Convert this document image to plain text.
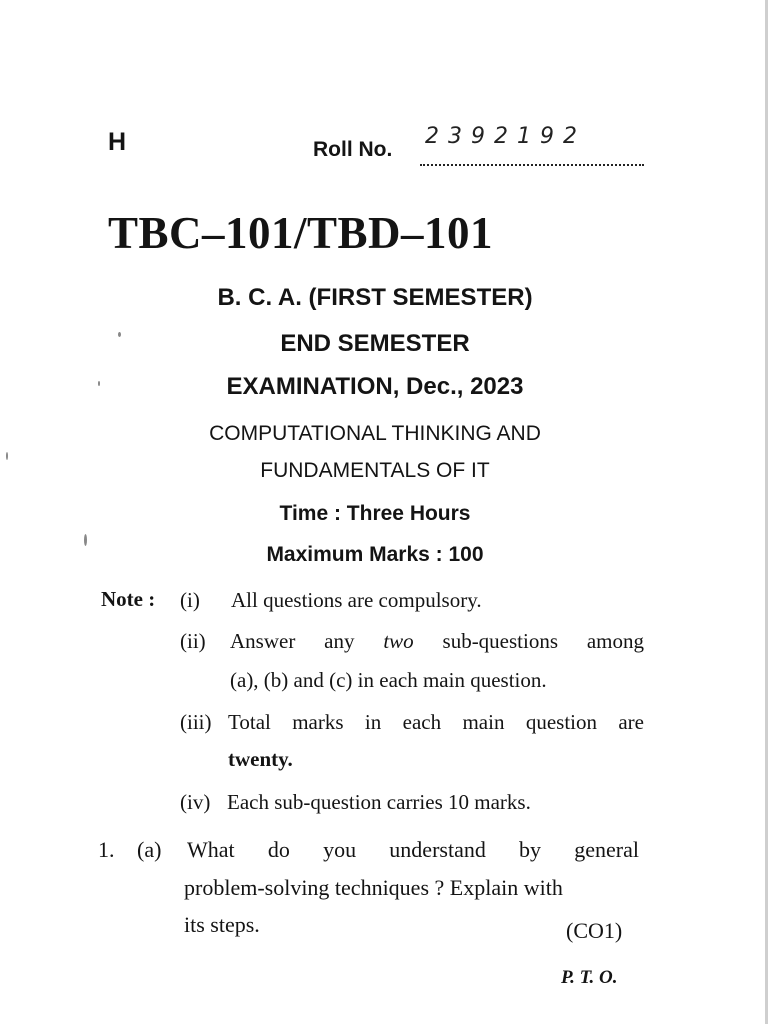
H	Roll No.
2 3 9 2 1 9 2
TBC–101/TBD–101
B. C. A. (FIRST SEMESTER)
END SEMESTER
EXAMINATION, Dec., 2023
COMPUTATIONAL THINKING AND
FUNDAMENTALS OF IT
Time : Three Hours
Maximum Marks : 100
Note : (i) All questions are compulsory.
(ii) Answer any two sub-questions among
(a), (b) and (c) in each main question.
(iii) Total marks in each main question are
twenty.
(iv) Each sub-question carries 10 marks.
1. (a) What do you understand by general
problem-solving techniques ? Explain with
its steps.	(CO1)
P. T. O.
